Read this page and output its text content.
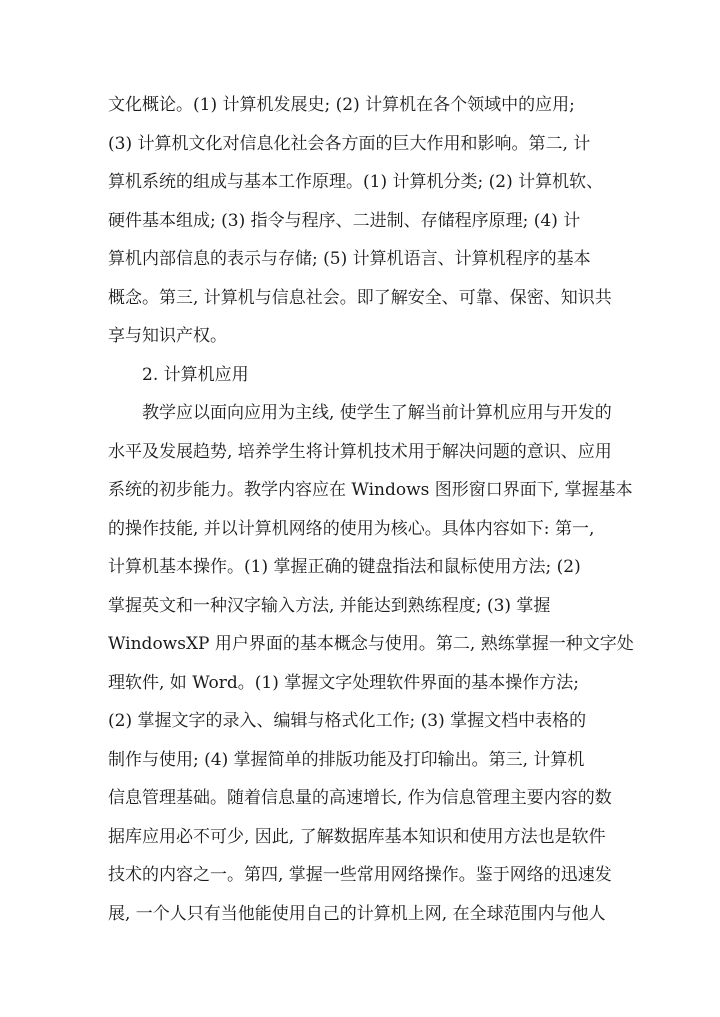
文化概论。(1) 计算机发展史; (2) 计算机在各个领域中的应用;
(3) 计算机文化对信息化社会各方面的巨大作用和影响。第二, 计
算机系统的组成与基本工作原理。(1) 计算机分类; (2) 计算机软、
硬件基本组成; (3) 指令与程序、二进制、存储程序原理; (4) 计
算机内部信息的表示与存储; (5) 计算机语言、计算机程序的基本
概念。第三, 计算机与信息社会。即了解安全、可靠、保密、知识共
享与知识产权。
2. 计算机应用
教学应以面向应用为主线, 使学生了解当前计算机应用与开发的
水平及发展趋势, 培养学生将计算机技术用于解决问题的意识、应用
系统的初步能力。教学内容应在 Windows 图形窗口界面下, 掌握基本
的操作技能, 并以计算机网络的使用为核心。具体内容如下: 第一,
计算机基本操作。(1) 掌握正确的键盘指法和鼠标使用方法; (2)
掌握英文和一种汉字输入方法, 并能达到熟练程度; (3) 掌握
WindowsXP 用户界面的基本概念与使用。第二, 熟练掌握一种文字处
理软件, 如 Word。(1) 掌握文字处理软件界面的基本操作方法;
(2) 掌握文字的录入、编辑与格式化工作; (3) 掌握文档中表格的
制作与使用; (4) 掌握简单的排版功能及打印输出。第三, 计算机
信息管理基础。随着信息量的高速增长, 作为信息管理主要内容的数
据库应用必不可少, 因此, 了解数据库基本知识和使用方法也是软件
技术的内容之一。第四, 掌握一些常用网络操作。鉴于网络的迅速发
展, 一个人只有当他能使用自己的计算机上网, 在全球范围内与他人
